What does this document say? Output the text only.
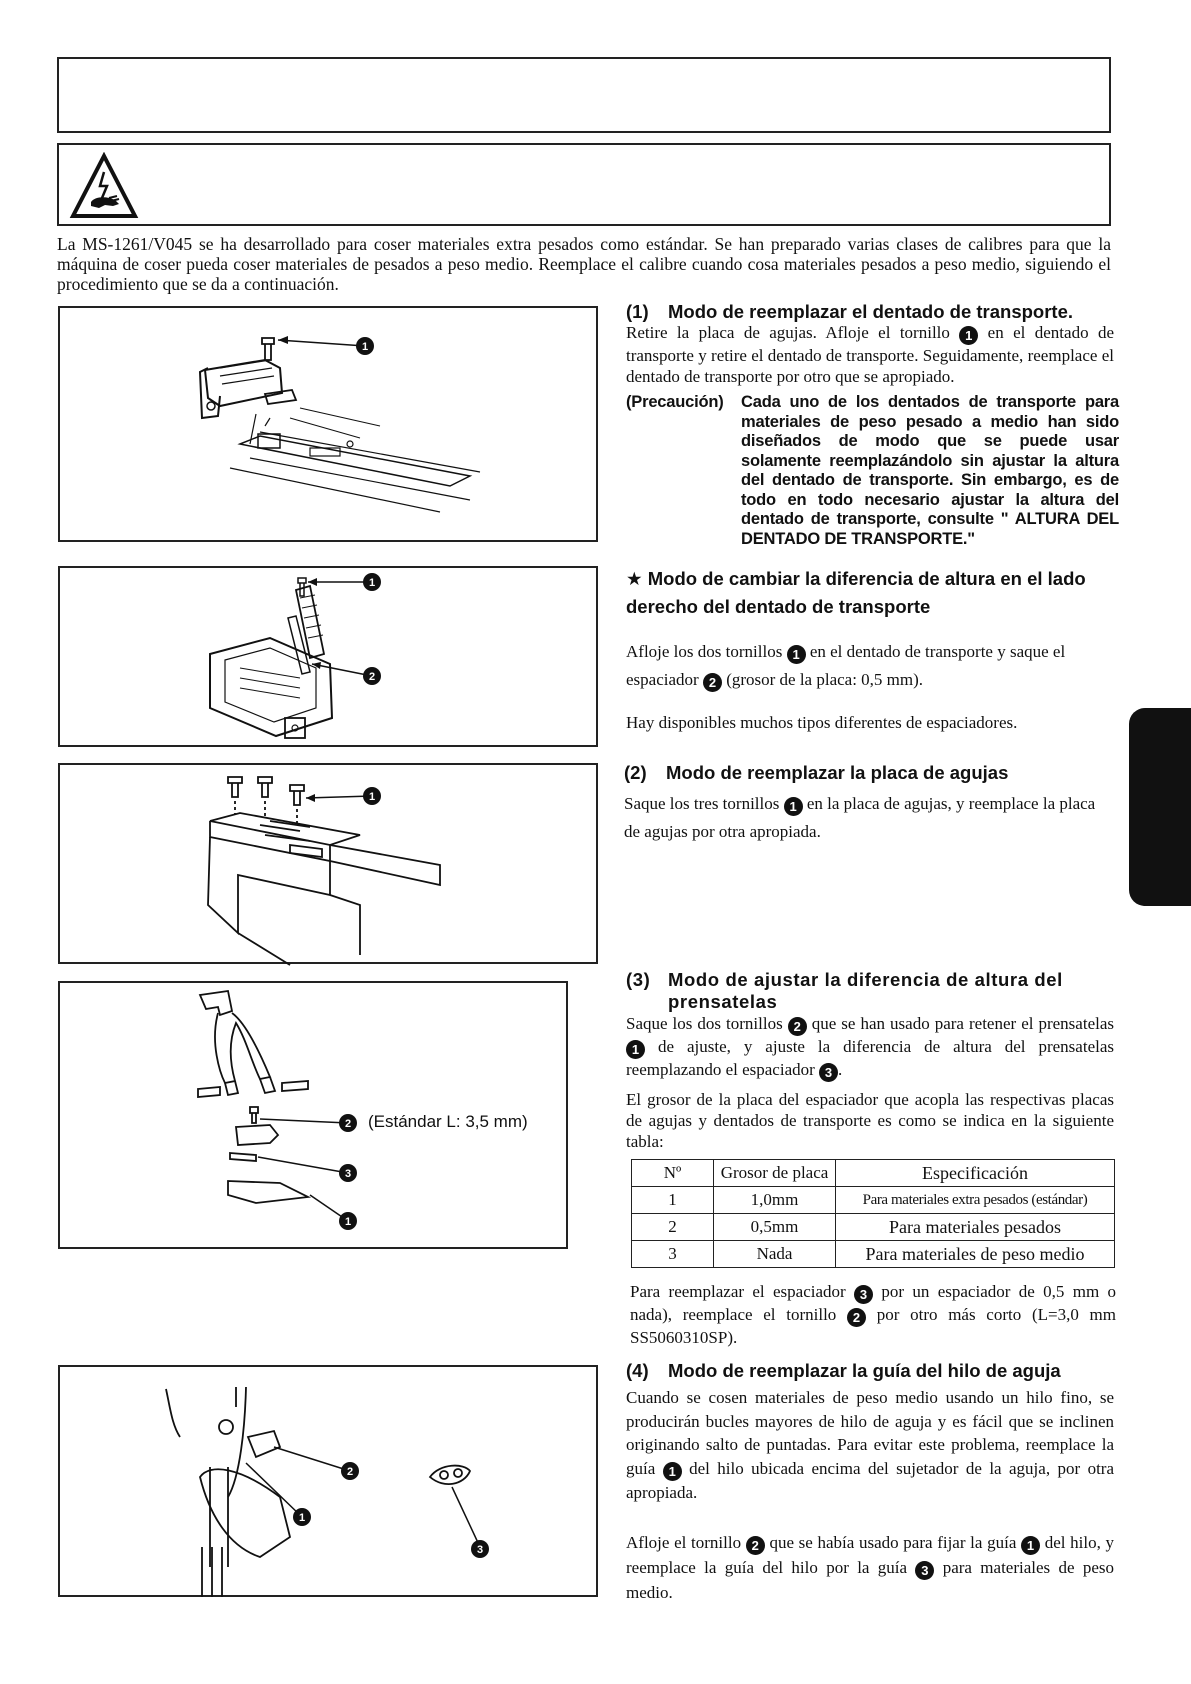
La MS-1261/V045 se ha desarrollado para coser materiales extra pesados como estándar. Se han preparado varias clases de calibres para que la máquina de coser pueda coser materiales de pesados a peso medio. Reemplace el calibre cuando cosa materiales pesados a peso medio, siguiendo el procedimiento que se da a continuación.
1
1
2
1
2
3
1
(Estándar L: 3,5 mm)
2
1
3
(1) Modo de reemplazar el dentado de transporte.
Retire la placa de agujas. Afloje el tornillo 1 en el dentado de transporte y retire el dentado de transporte. Seguidamente, reemplace el dentado de transporte por otro que se apropiado.
(Precaución) Cada uno de los dentados de transporte para materiales de peso pesado a medio han sido diseñados de modo que se puede usar solamente reemplazándolo sin ajustar la altura del dentado de transporte. Sin embargo, es de todo en todo necesario ajustar la altura del dentado de transporte, consulte " ALTURA DEL DENTADO DE TRANSPORTE."
★ Modo de cambiar la diferencia de altura en el lado derecho del dentado de transporte
Afloje los dos tornillos 1 en el dentado de transporte y saque el espaciador 2 (grosor de la placa: 0,5 mm).
Hay disponibles muchos tipos diferentes de espaciadores.
(2) Modo de reemplazar la placa de agujas
Saque los tres tornillos 1 en la placa de agujas, y reemplace la placa de agujas por otra apropiada.
(3) Modo de ajustar la diferencia de altura del prensatelas
Saque los dos tornillos 2 que se han usado para retener el prensatelas 1 de ajuste, y ajuste la diferencia de altura del prensatelas reemplazando el espaciador 3 .
El grosor de la placa del espaciador que acopla las respectivas placas de agujas y dentados de transporte es como se indica en la siguiente tabla:
Nº	Grosor de placa	Especificación
1	1,0mm	Para materiales extra pesados (estándar)
2	0,5mm	Para materiales pesados
3	Nada	Para materiales de peso medio
Para reemplazar el espaciador 3 por un espaciador de 0,5 mm o nada), reemplace el tornillo 2 por otro más corto (L=3,0 mm SS5060310SP).
(4) Modo de reemplazar la guía del hilo de aguja
Cuando se cosen materiales de peso medio usando un hilo fino, se producirán bucles mayores de hilo de aguja y es fácil que se inclinen originando salto de puntadas. Para evitar este problema, reemplace la guía 1 del hilo ubicada encima del sujetador de la aguja, por otra apropiada.
Afloje el tornillo 2 que se había usado para fijar la guía 1 del hilo, y reemplace la guía del hilo por la guía 3 para materiales de peso medio.
